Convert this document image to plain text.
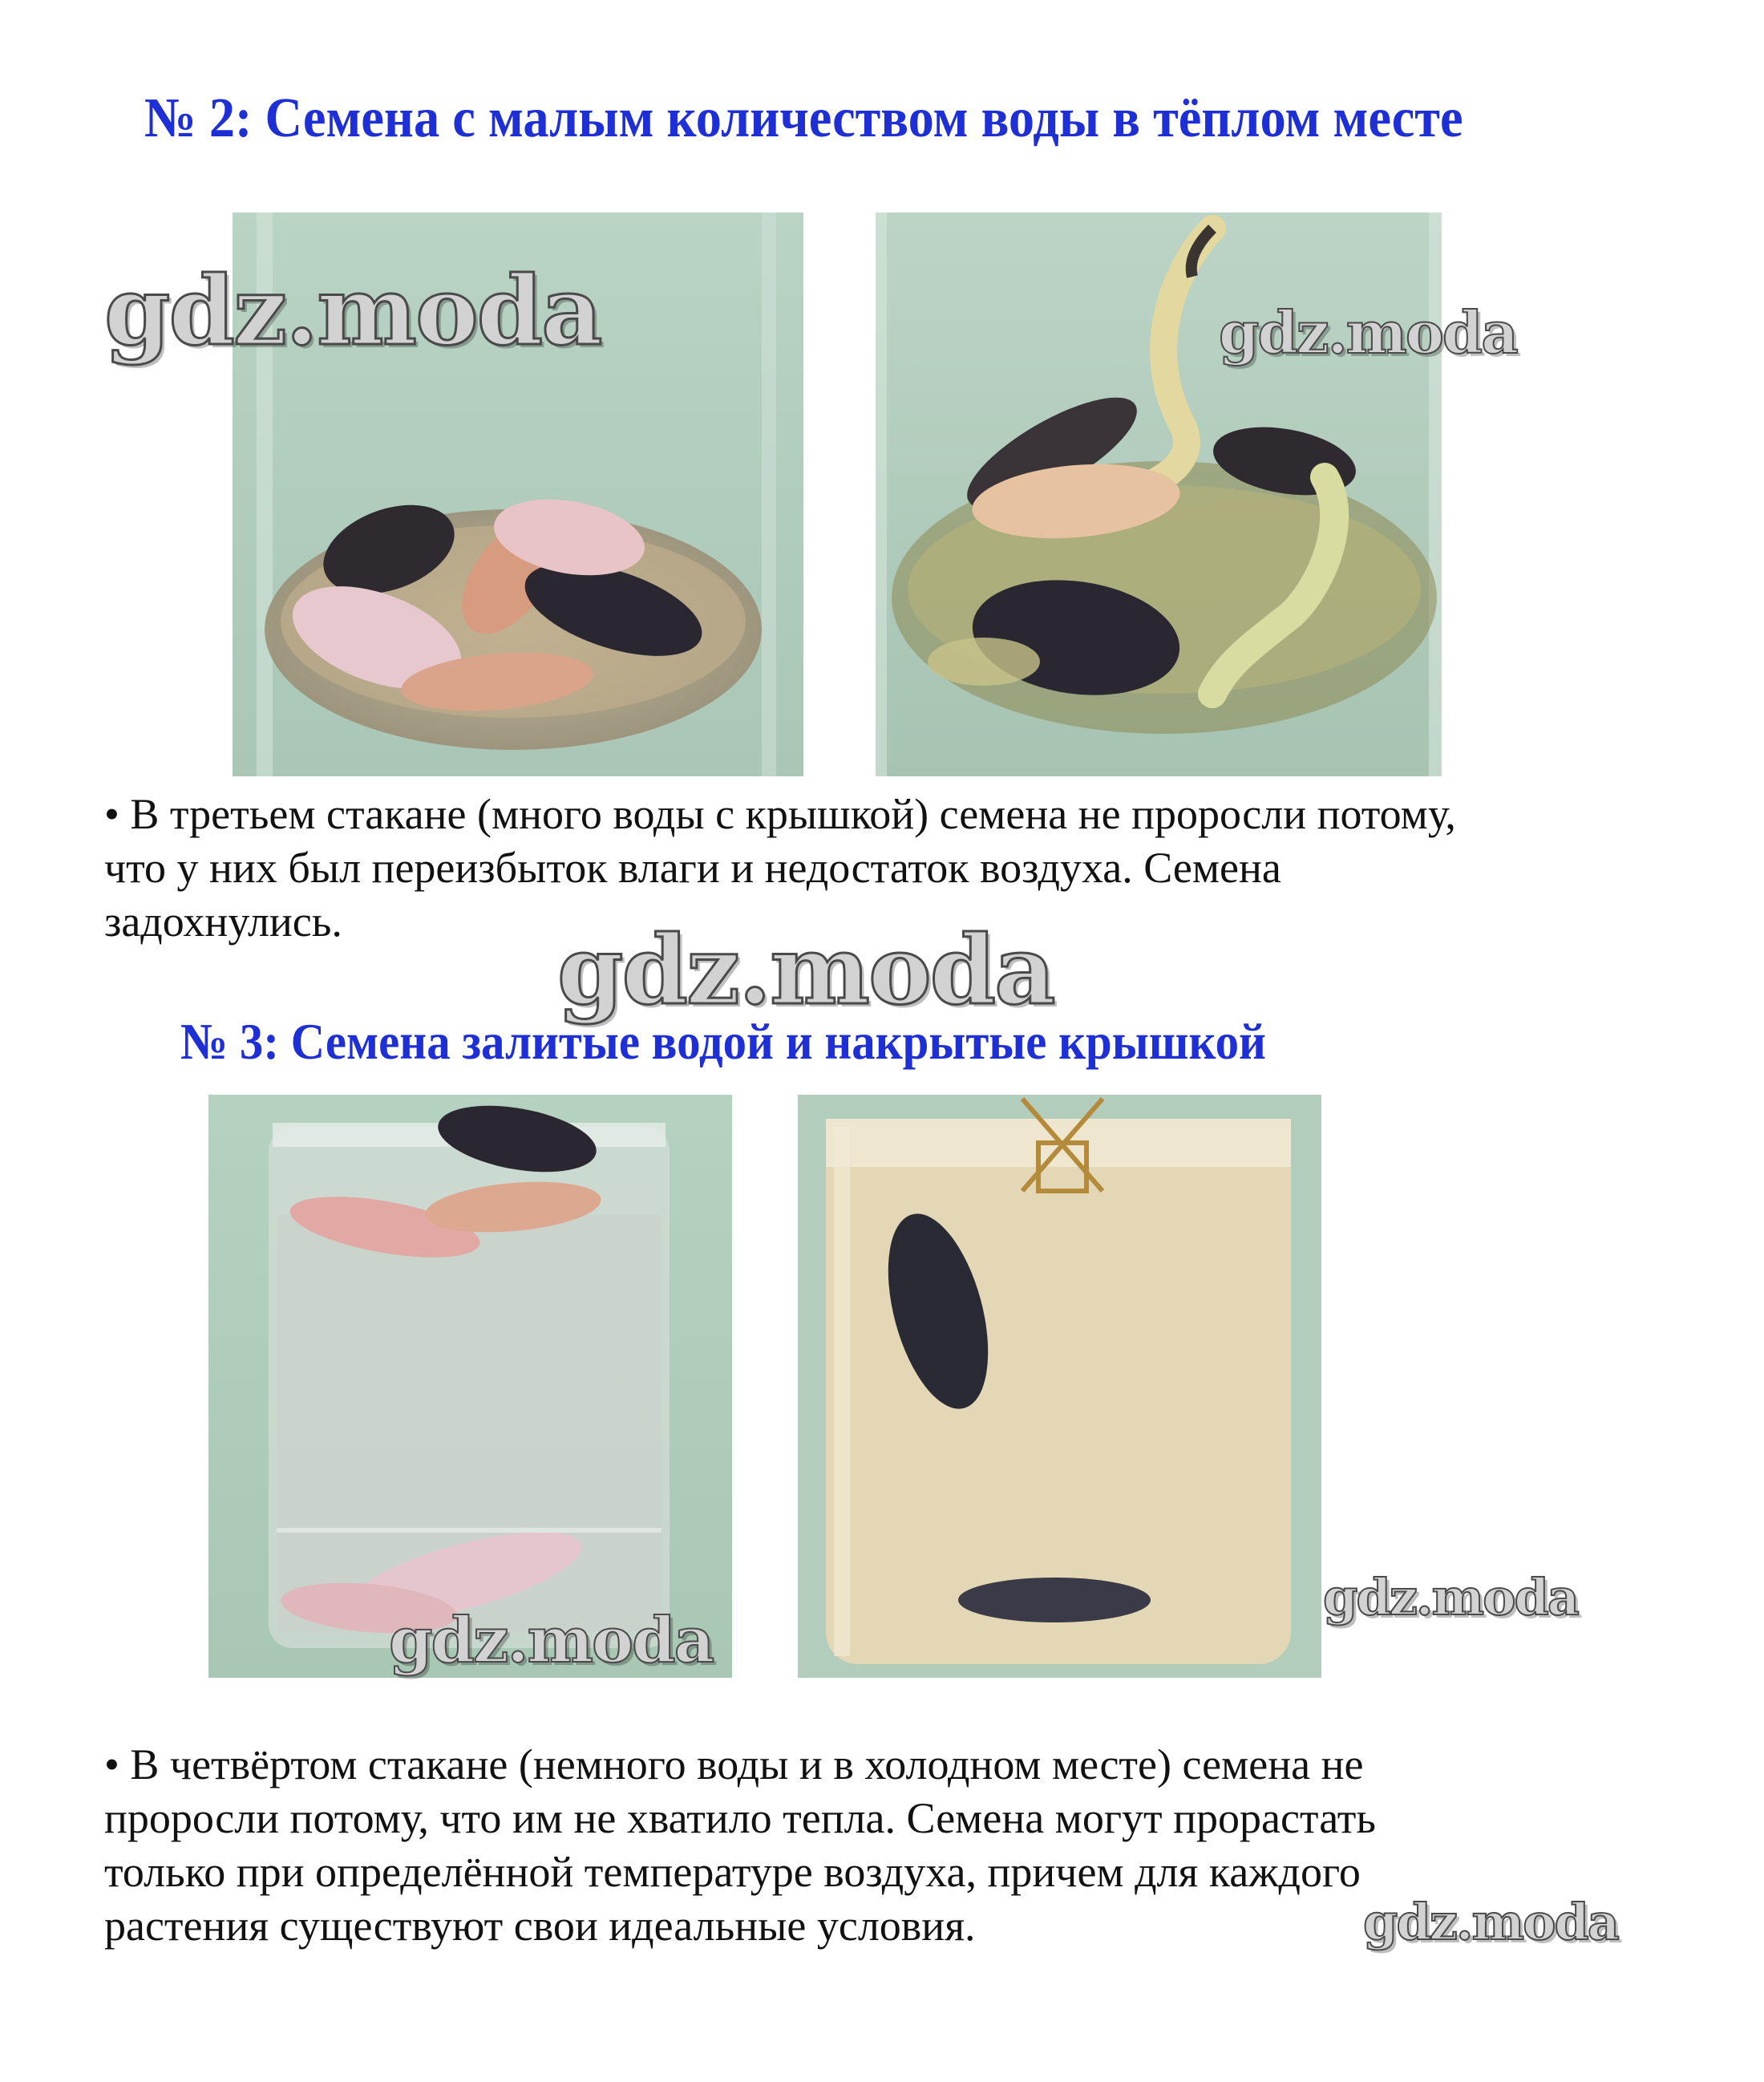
№ 2: Семена с малым количеством воды в тёплом месте
gdz.moda	gdz.moda

• В третьем стакане (много воды с крышкой) семена не проросли потому,
что у них был переизбыток влаги и недостаток воздуха. Семена
задохнулись.	gdz.moda
№ 3: Семена залитые водой и накрытые крышкой
gdz.moda
gdz.moda

• В четвёртом стакане (немного воды и в холодном месте) семена не
проросли потому, что им не хватило тепла. Семена могут прорастать
только при определённой температуре воздуха, причем для каждого
растения существуют свои идеальные условия.	gdz.moda
